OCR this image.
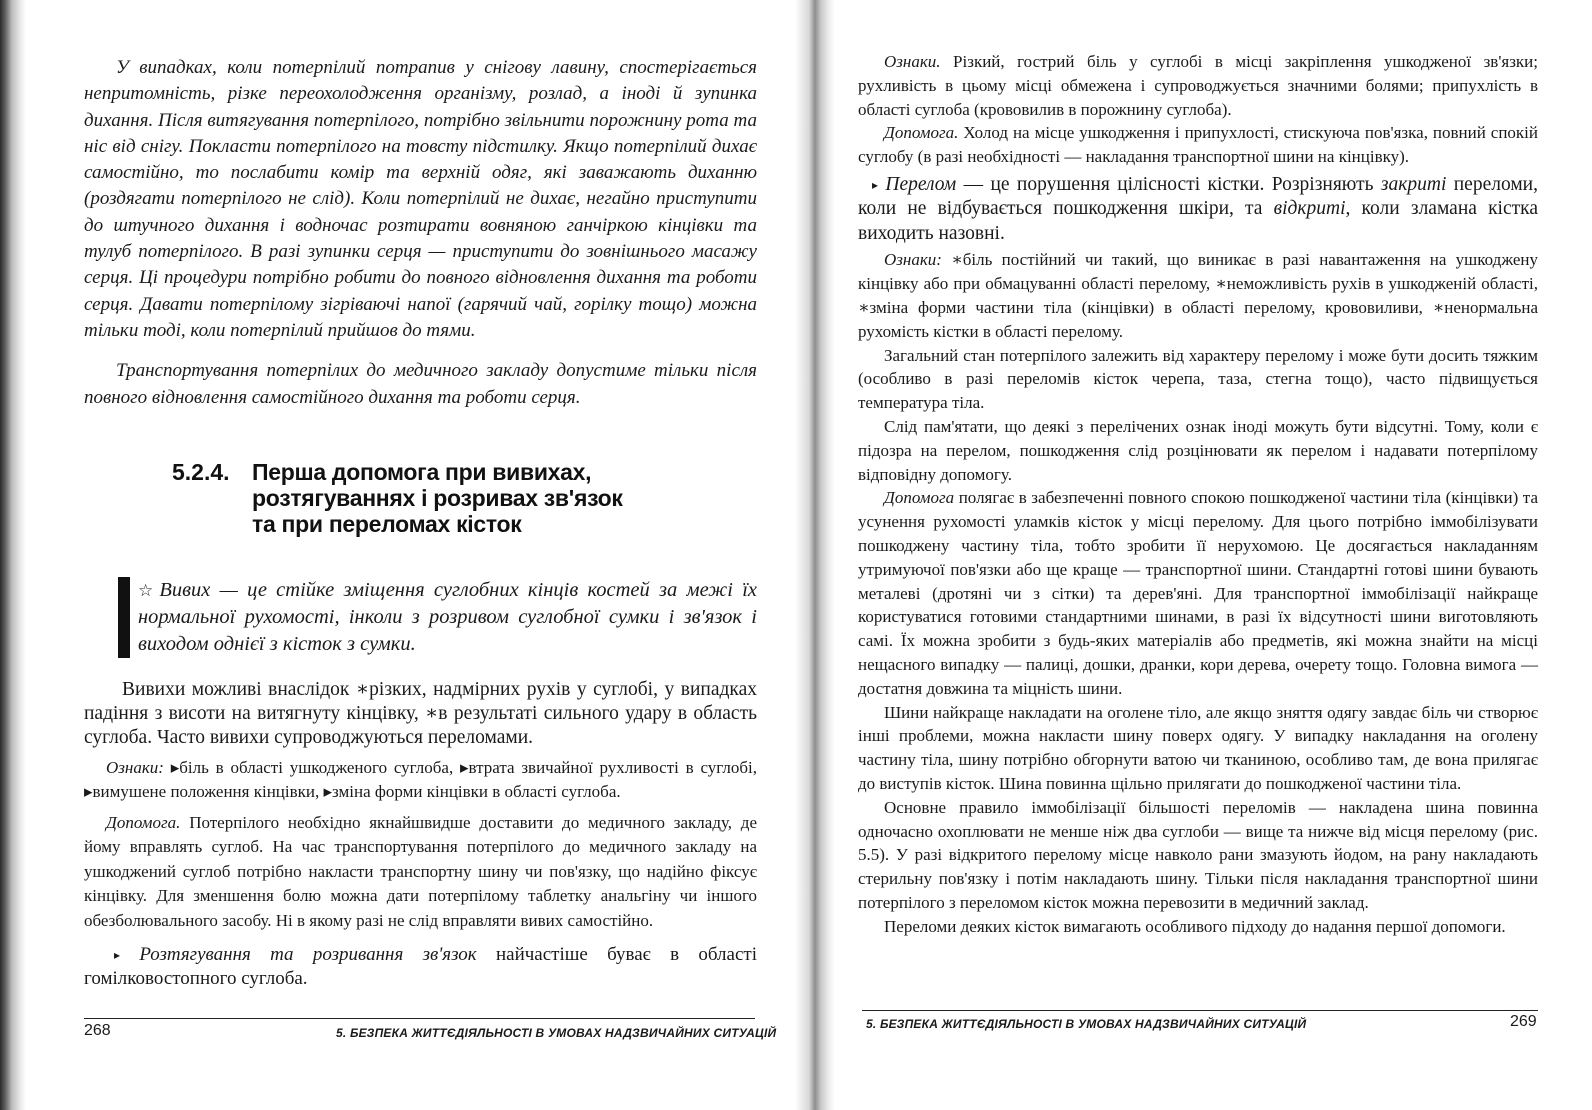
У випадках, коли потерпілий потрапив у снігову лавину, спостерігається непритомність, різке переохолодження організму, розлад, а іноді й зупинка дихання. Після витягування потерпілого, потрібно звільнити порожнину рота та ніс від снігу. Покласти потерпілого на товсту підстилку. Якщо потерпілий дихає самостійно, то послабити комір та верхній одяг, які заважають диханню (роздягати потерпілого не слід). Коли потерпілий не дихає, негайно приступити до штучного дихання і водночас розтирати вовняною ганчіркою кінцівки та тулуб потерпілого. В разі зупинки серця — приступити до зовнішнього масажу серця. Ці процедури потрібно робити до повного відновлення дихання та роботи серця. Давати потерпілому зігріваючі напої (гарячий чай, горілку тощо) можна тільки тоді, коли потерпілий прийшов до тями.

Транспортування потерпілих до медичного закладу допустиме тільки після повного відновлення самостійного дихання та роботи серця.

5.2.4. Перша допомога при вивихах,
розтягуваннях і розривах зв'язок
та при переломах кісток
☆Вивих — це стійке зміщення суглобних кінців костей за межі їх нормальної рухомості, інколи з розривом суглобної сумки і зв'язок і виходом однієї з кісток з сумки.

Вивихи можливі внаслідок ∗різких, надмірних рухів у суглобі, у випадках падіння з висоти на витягнуту кінцівку, ∗в результаті сильного удару в область суглоба. Часто вивихи супроводжуються переломами.

Ознаки: ▸біль в області ушкодженого суглоба, ▸втрата звичайної рухливості в суглобі, ▸вимушене положення кінцівки, ▸зміна форми кінцівки в області суглоба.

Допомога. Потерпілого необхідно якнайшвидше доставити до медичного закладу, де йому вправлять суглоб. На час транспортування потерпілого до медичного закладу на ушкоджений суглоб потрібно накласти транспортну шину чи пов'язку, що надійно фіксує кінцівку. Для зменшення болю можна дати потерпілому таблетку анальгіну чи іншого обезболювального засобу. Ні в якому разі не слід вправляти вивих самостійно.

▸ Розтягування та розривання зв'язок найчастіше буває в області гомілковостопного суглоба.

268	5. БЕЗПЕКА ЖИТТЄДІЯЛЬНОСТІ В УМОВАХ НАДЗВИЧАЙНИХ СИТУАЦІЙ

Ознаки. Різкий, гострий біль у суглобі в місці закріплення ушкодженої зв'язки; рухливість в цьому місці обмежена і супроводжується значними болями; припухлість в області суглоба (крововилив в порожнину суглоба).

Допомога. Холод на місце ушкодження і припухлості, стискуюча пов'язка, повний спокій суглобу (в разі необхідності — накладання транспортної шини на кінцівку).

▸ Перелом — це порушення цілісності кістки. Розрізняють закриті переломи, коли не відбувається пошкодження шкіри, та відкриті, коли зламана кістка виходить назовні.

Ознаки: ∗біль постійний чи такий, що виникає в разі навантаження на ушкоджену кінцівку або при обмацуванні області перелому, ∗неможливість рухів в ушкодженій області, ∗зміна форми частини тіла (кінцівки) в області перелому, крововиливи, ∗ненормальна рухомість кістки в області перелому.

Загальний стан потерпілого залежить від характеру перелому і може бути досить тяжким (особливо в разі переломів кісток черепа, таза, стегна тощо), часто підвищується температура тіла.

Слід пам'ятати, що деякі з перелічених ознак іноді можуть бути відсутні. Тому, коли є підозра на перелом, пошкодження слід розцінювати як перелом і надавати потерпілому відповідну допомогу.

Допомога полягає в забезпеченні повного спокою пошкодженої частини тіла (кінцівки) та усунення рухомості уламків кісток у місці перелому. Для цього потрібно іммобілізувати пошкоджену частину тіла, тобто зробити її нерухомою. Це досягається накладанням утримуючої пов'язки або ще краще — транспортної шини. Стандартні готові шини бувають металеві (дротяні чи з сітки) та дерев'яні. Для транспортної іммобілізації найкраще користуватися готовими стандартними шинами, в разі їх відсутності шини виготовляють самі. Їх можна зробити з будь-яких матеріалів або предметів, які можна знайти на місці нещасного випадку — палиці, дошки, дранки, кори дерева, очерету тощо. Головна вимога — достатня довжина та міцність шини.

Шини найкраще накладати на оголене тіло, але якщо зняття одягу завдає біль чи створює інші проблеми, можна накласти шину поверх одягу. У випадку накладання на оголену частину тіла, шину потрібно обгорнути ватою чи тканиною, особливо там, де вона прилягає до виступів кісток. Шина повинна щільно прилягати до пошкодженої частини тіла.

Основне правило іммобілізації більшості переломів — накладена шина повинна одночасно охоплювати не менше ніж два суглоби — вище та нижче від місця перелому (рис. 5.5). У разі відкритого перелому місце навколо рани змазують йодом, на рану накладають стерильну пов'язку і потім накладають шину. Тільки після накладання транспортної шини потерпілого з переломом кісток можна перевозити в медичний заклад.

Переломи деяких кісток вимагають особливого підходу до надання першої допомоги.

5. БЕЗПЕКА ЖИТТЄДІЯЛЬНОСТІ В УМОВАХ НАДЗВИЧАЙНИХ СИТУАЦІЙ	269
